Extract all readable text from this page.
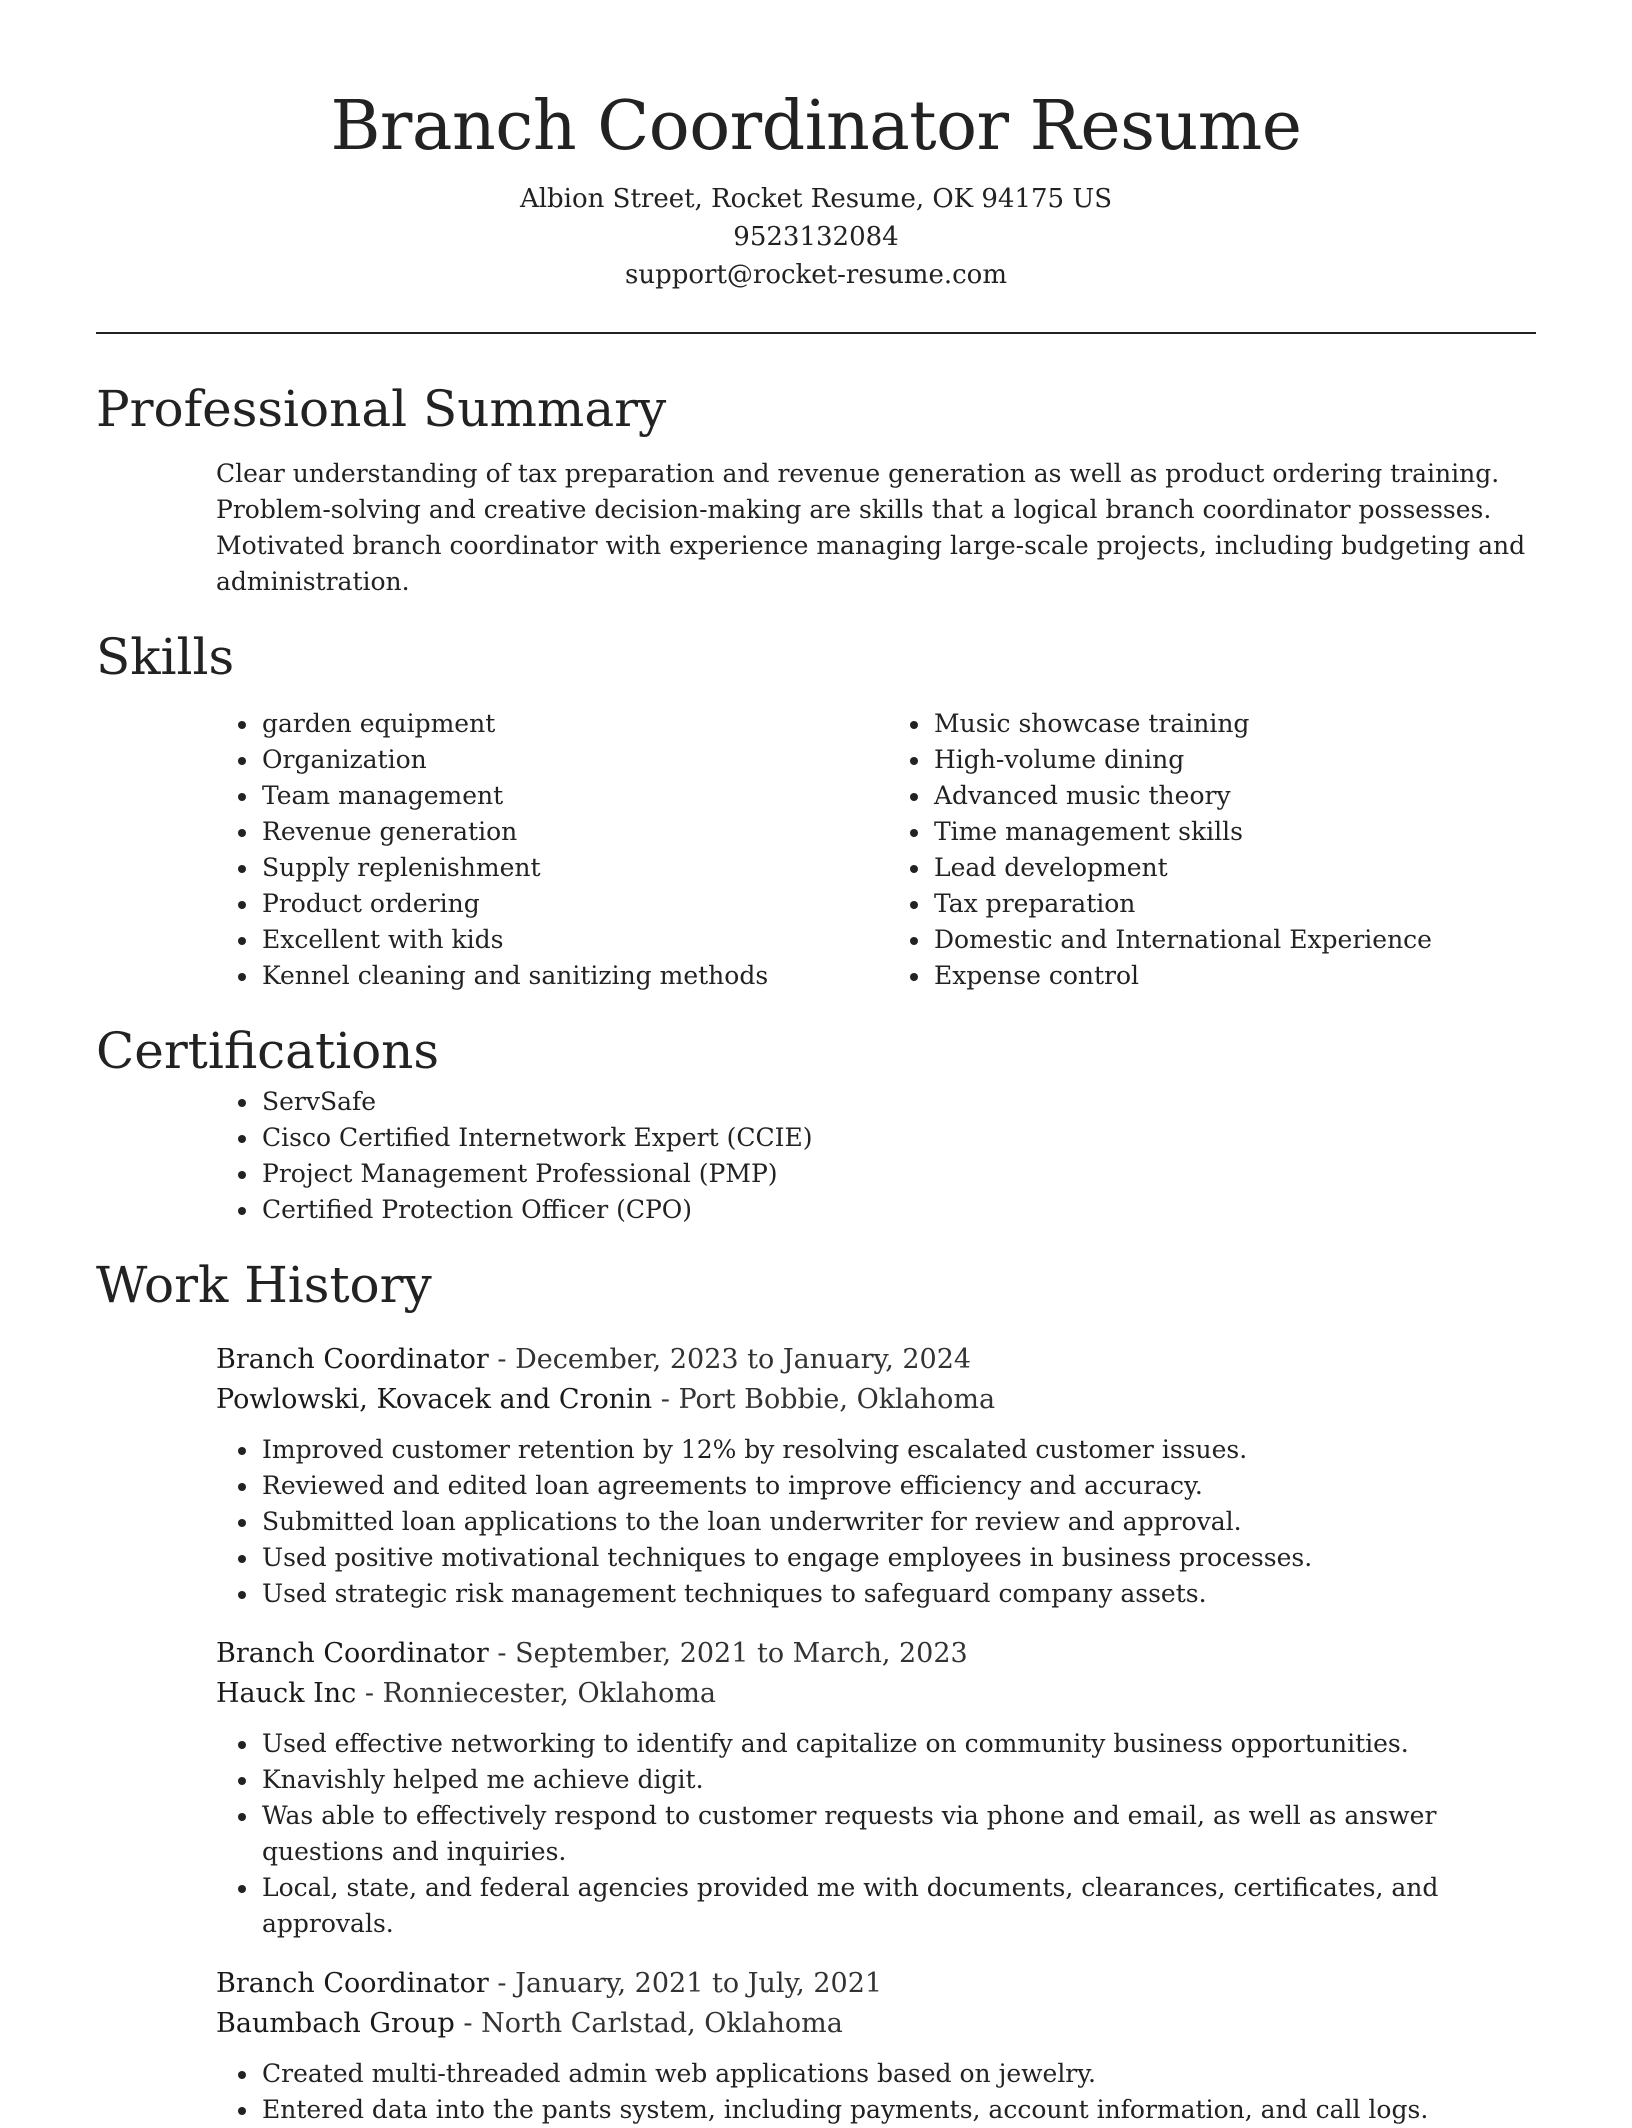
Branch Coordinator Resume
Albion Street, Rocket Resume, OK 94175 US
9523132084
support@rocket-resume.com
Professional Summary

Clear understanding of tax preparation and revenue generation as well as product ordering training. Problem-solving and creative decision-making are skills that a logical branch coordinator possesses. Motivated branch coordinator with experience managing large-scale projects, including budgeting and administration.

Skills
• garden equipment
• Organization
• Team management
• Revenue generation
• Supply replenishment
• Product ordering
• Excellent with kids
• Kennel cleaning and sanitizing methods
• Music showcase training
• High-volume dining
• Advanced music theory
• Time management skills
• Lead development
• Tax preparation
• Domestic and International Experience
• Expense control
Certifications
• ServSafe
• Cisco Certified Internetwork Expert (CCIE)
• Project Management Professional (PMP)
• Certified Protection Officer (CPO)
Work History
Branch Coordinator - December, 2023 to January, 2024
Powlowski, Kovacek and Cronin - Port Bobbie, Oklahoma
• Improved customer retention by 12% by resolving escalated customer issues.
• Reviewed and edited loan agreements to improve efficiency and accuracy.
• Submitted loan applications to the loan underwriter for review and approval.
• Used positive motivational techniques to engage employees in business processes.
• Used strategic risk management techniques to safeguard company assets.
Branch Coordinator - September, 2021 to March, 2023
Hauck Inc - Ronniecester, Oklahoma
• Used effective networking to identify and capitalize on community business opportunities.
• Knavishly helped me achieve digit.
• Was able to effectively respond to customer requests via phone and email, as well as answer questions and inquiries.
• Local, state, and federal agencies provided me with documents, clearances, certificates, and approvals.
Branch Coordinator - January, 2021 to July, 2021
Baumbach Group - North Carlstad, Oklahoma
• Created multi-threaded admin web applications based on jewelry.
• Entered data into the pants system, including payments, account information, and call logs.
